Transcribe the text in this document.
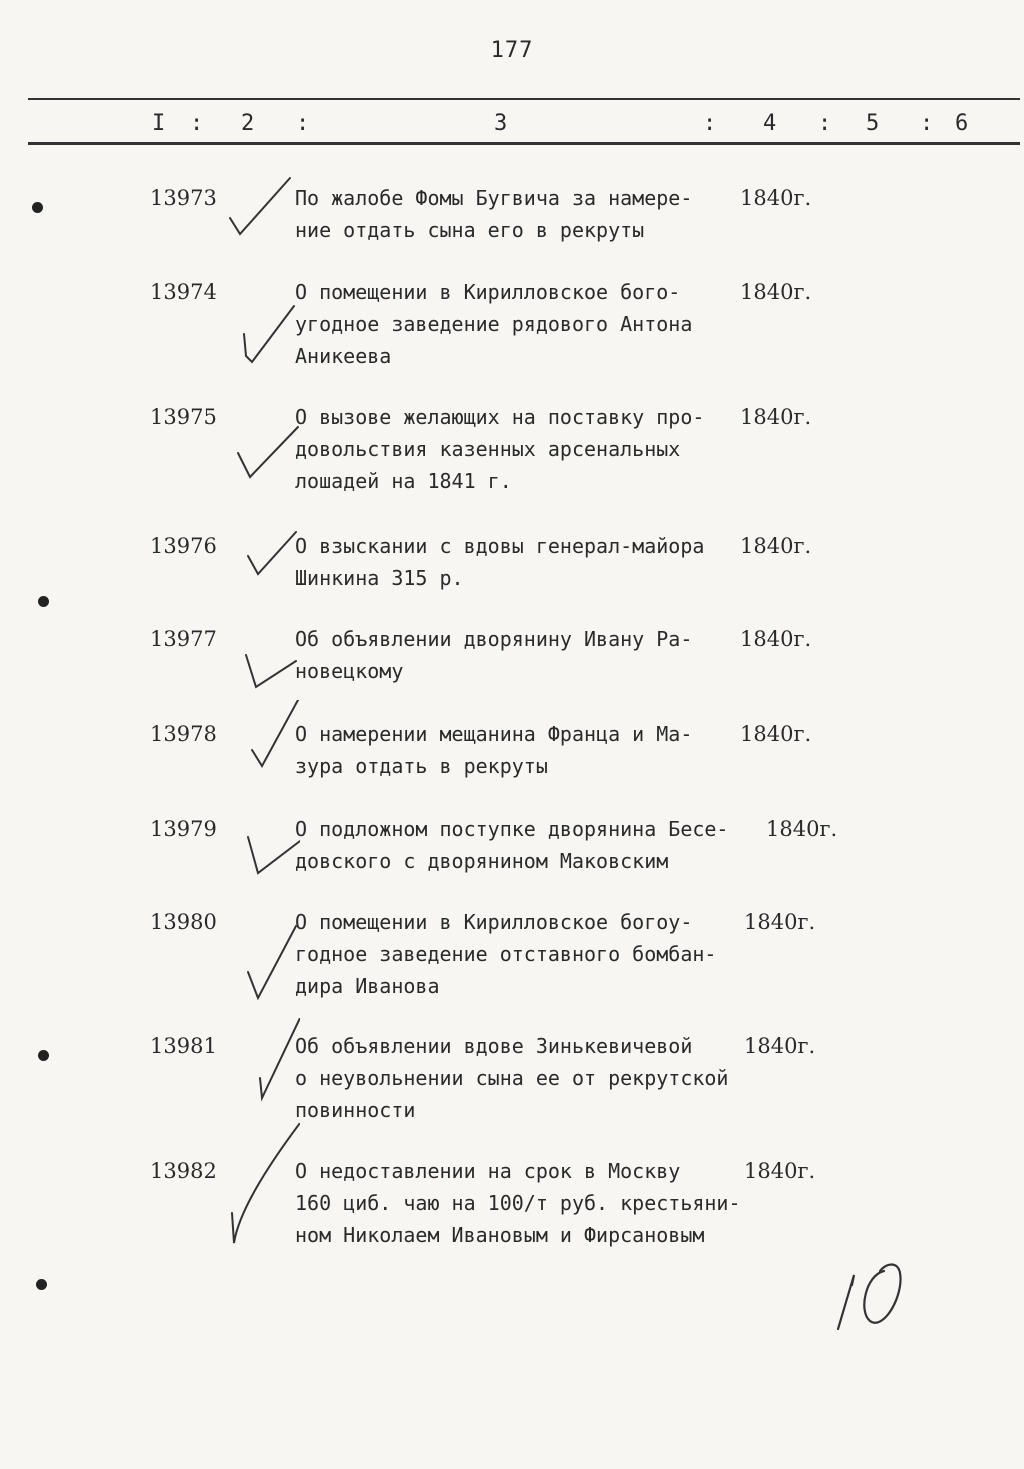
177
I : 2 :	3	: 4 : 5 : 6
13973	По жалобе Фомы Бугвича за намере-
ние отдать сына его в рекруты
1840г.
13974	О помещении в Кирилловское бого-
угодное заведение рядового Антона
Аникеева
1840г.
13975	О вызове желающих на поставку про-
довольствия казенных арсенальных
лошадей на 1841 г.
1840г.
13976	О взыскании с вдовы генерал-майора
Шинкина 315 р.
1840г.
13977	Об объявлении дворянину Ивану Ра-
новецкому
1840г.
13978	О намерении мещанина Франца и Ма-
зура отдать в рекруты
1840г.
13979	О подложном поступке дворянина Бесе-
довского с дворянином Маковским
1840г.
13980	О помещении в Кирилловское богоу-
годное заведение отставного бомбан-
дира Иванова
1840г.
13981	Об объявлении вдове Зинькевичевой
о неувольнении сына ее от рекрутской
повинности
1840г.
13982	О недоставлении на срок в Москву
160 циб. чаю на 100/т руб. крестьяни-
ном Николаем Ивановым и Фирсановым
1840г.
